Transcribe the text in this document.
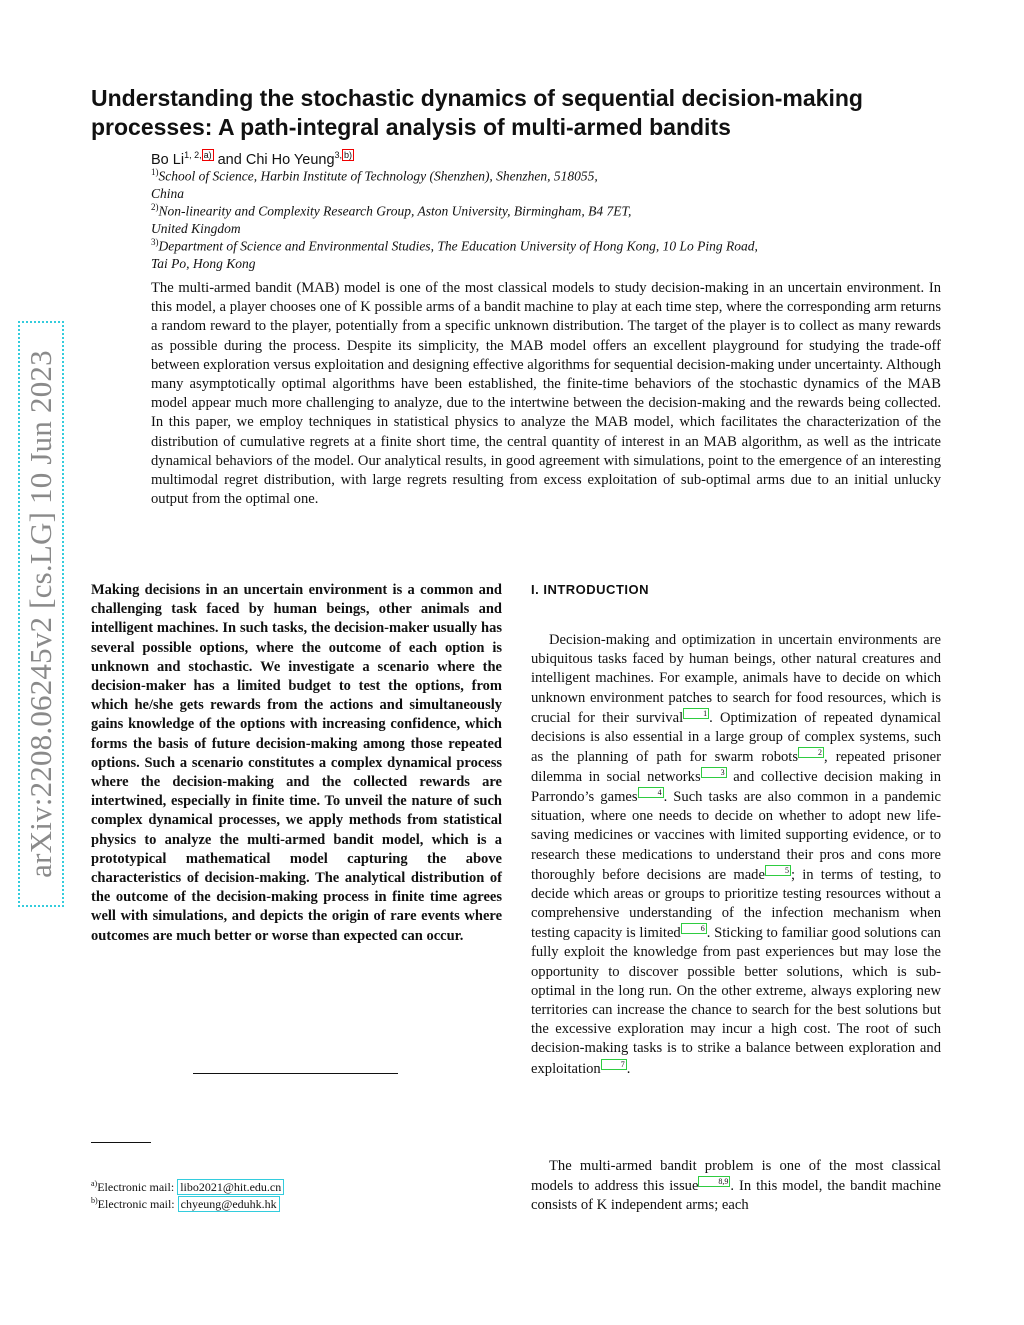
arXiv:2208.06245v2 [cs.LG] 10 Jun 2023
Understanding the stochastic dynamics of sequential decision-making
processes: A path-integral analysis of multi-armed bandits
Bo Li$^{1, 2, a)}$ and Chi Ho Yeung$^{3, b)}$
$^{1)}$School of Science, Harbin Institute of Technology (Shenzhen), Shenzhen, 518055,
China
$^{2)}$Non-linearity and Complexity Research Group, Aston University, Birmingham, B4 7ET,
United Kingdom
$^{3)}$Department of Science and Environmental Studies, The Education University of Hong Kong, 10 Lo Ping Road,
Tai Po, Hong Kong

The multi-armed bandit (MAB) model is one of the most classical models to study decision-making in an uncertain environment. In this model, a player chooses one of K possible arms of a bandit machine to play at each time step, where the corresponding arm returns a random reward to the player, potentially from a specific unknown distribution. The target of the player is to collect as many rewards as possible during the process. Despite its simplicity, the MAB model offers an excellent playground for studying the trade-off between exploration versus exploitation and designing effective algorithms for sequential decision-making under uncertainty. Although many asymptotically optimal algorithms have been established, the finite-time behaviors of the stochastic dynamics of the MAB model appear much more challenging to analyze, due to the intertwine between the decision-making and the rewards being collected. In this paper, we employ techniques in statistical physics to analyze the MAB model, which facilitates the characterization of the distribution of cumulative regrets at a finite short time, the central quantity of interest in an MAB algorithm, as well as the intricate dynamical behaviors of the model. Our analytical results, in good agreement with simulations, point to the emergence of an interesting multimodal regret distribution, with large regrets resulting from excess exploitation of sub-optimal arms due to an initial unlucky output from the optimal one.

Making decisions in an uncertain environment is a common and challenging task faced by human beings, other animals and intelligent machines. In such tasks, the decision-maker usually has several possible options, where the outcome of each option is unknown and stochastic. We investigate a scenario where the decision-maker has a limited budget to test the options, from which he/she gets rewards from the actions and simultaneously gains knowledge of the options with increasing confidence, which forms the basis of future decision-making among those repeated options. Such a scenario constitutes a complex dynamical process where the decision-making and the collected rewards are intertwined, especially in finite time. To unveil the nature of such complex dynamical processes, we apply methods from statistical physics to analyze the multi-armed bandit model, which is a prototypical mathematical model capturing the above characteristics of decision-making. The analytical distribution of the outcome of the decision-making process in finite time agrees well with simulations, and depicts the origin of rare events where outcomes are much better or worse than expected can occur.

$^{a)}$Electronic mail: libo2021@hit.edu.cn
$^{b)}$Electronic mail: chyeung@eduhk.hk
I. INTRODUCTION

Decision-making and optimization in uncertain environments are ubiquitous tasks faced by human beings, other natural creatures and intelligent machines. For example, animals have to decide on which unknown environment patches to search for food resources, which is crucial for their survival	1 . Optimization of repeated dynamical decisions is also essential in a large group of complex systems, such as the planning of path for swarm robots	2 , repeated prisoner dilemma in social networks	3 and collective decision making in Parrondo’s games	4 . Such tasks are also common in a pandemic situation, where one needs to decide on whether to adopt new life-saving medicines or vaccines with limited supporting evidence, or to research these medications to understand their pros and cons more thoroughly before decisions are made	5 ; in terms of testing, to decide which areas or groups to prioritize testing resources without a comprehensive understanding of the infection mechanism when testing capacity is limited	6 . Sticking to familiar good solutions can fully exploit the knowledge from past experiences but may lose the opportunity to discover possible better solutions, which is sub-optimal in the long run. On the other extreme, always exploring new territories can increase the chance to search for the best solutions but the excessive exploration may incur a high cost. The root of such decision-making tasks is to strike a balance between exploration and exploitation	7 .

The multi-armed bandit problem is one of the most classical models to address this issue	8,9 . In this model, the bandit machine consists of K independent arms; each
